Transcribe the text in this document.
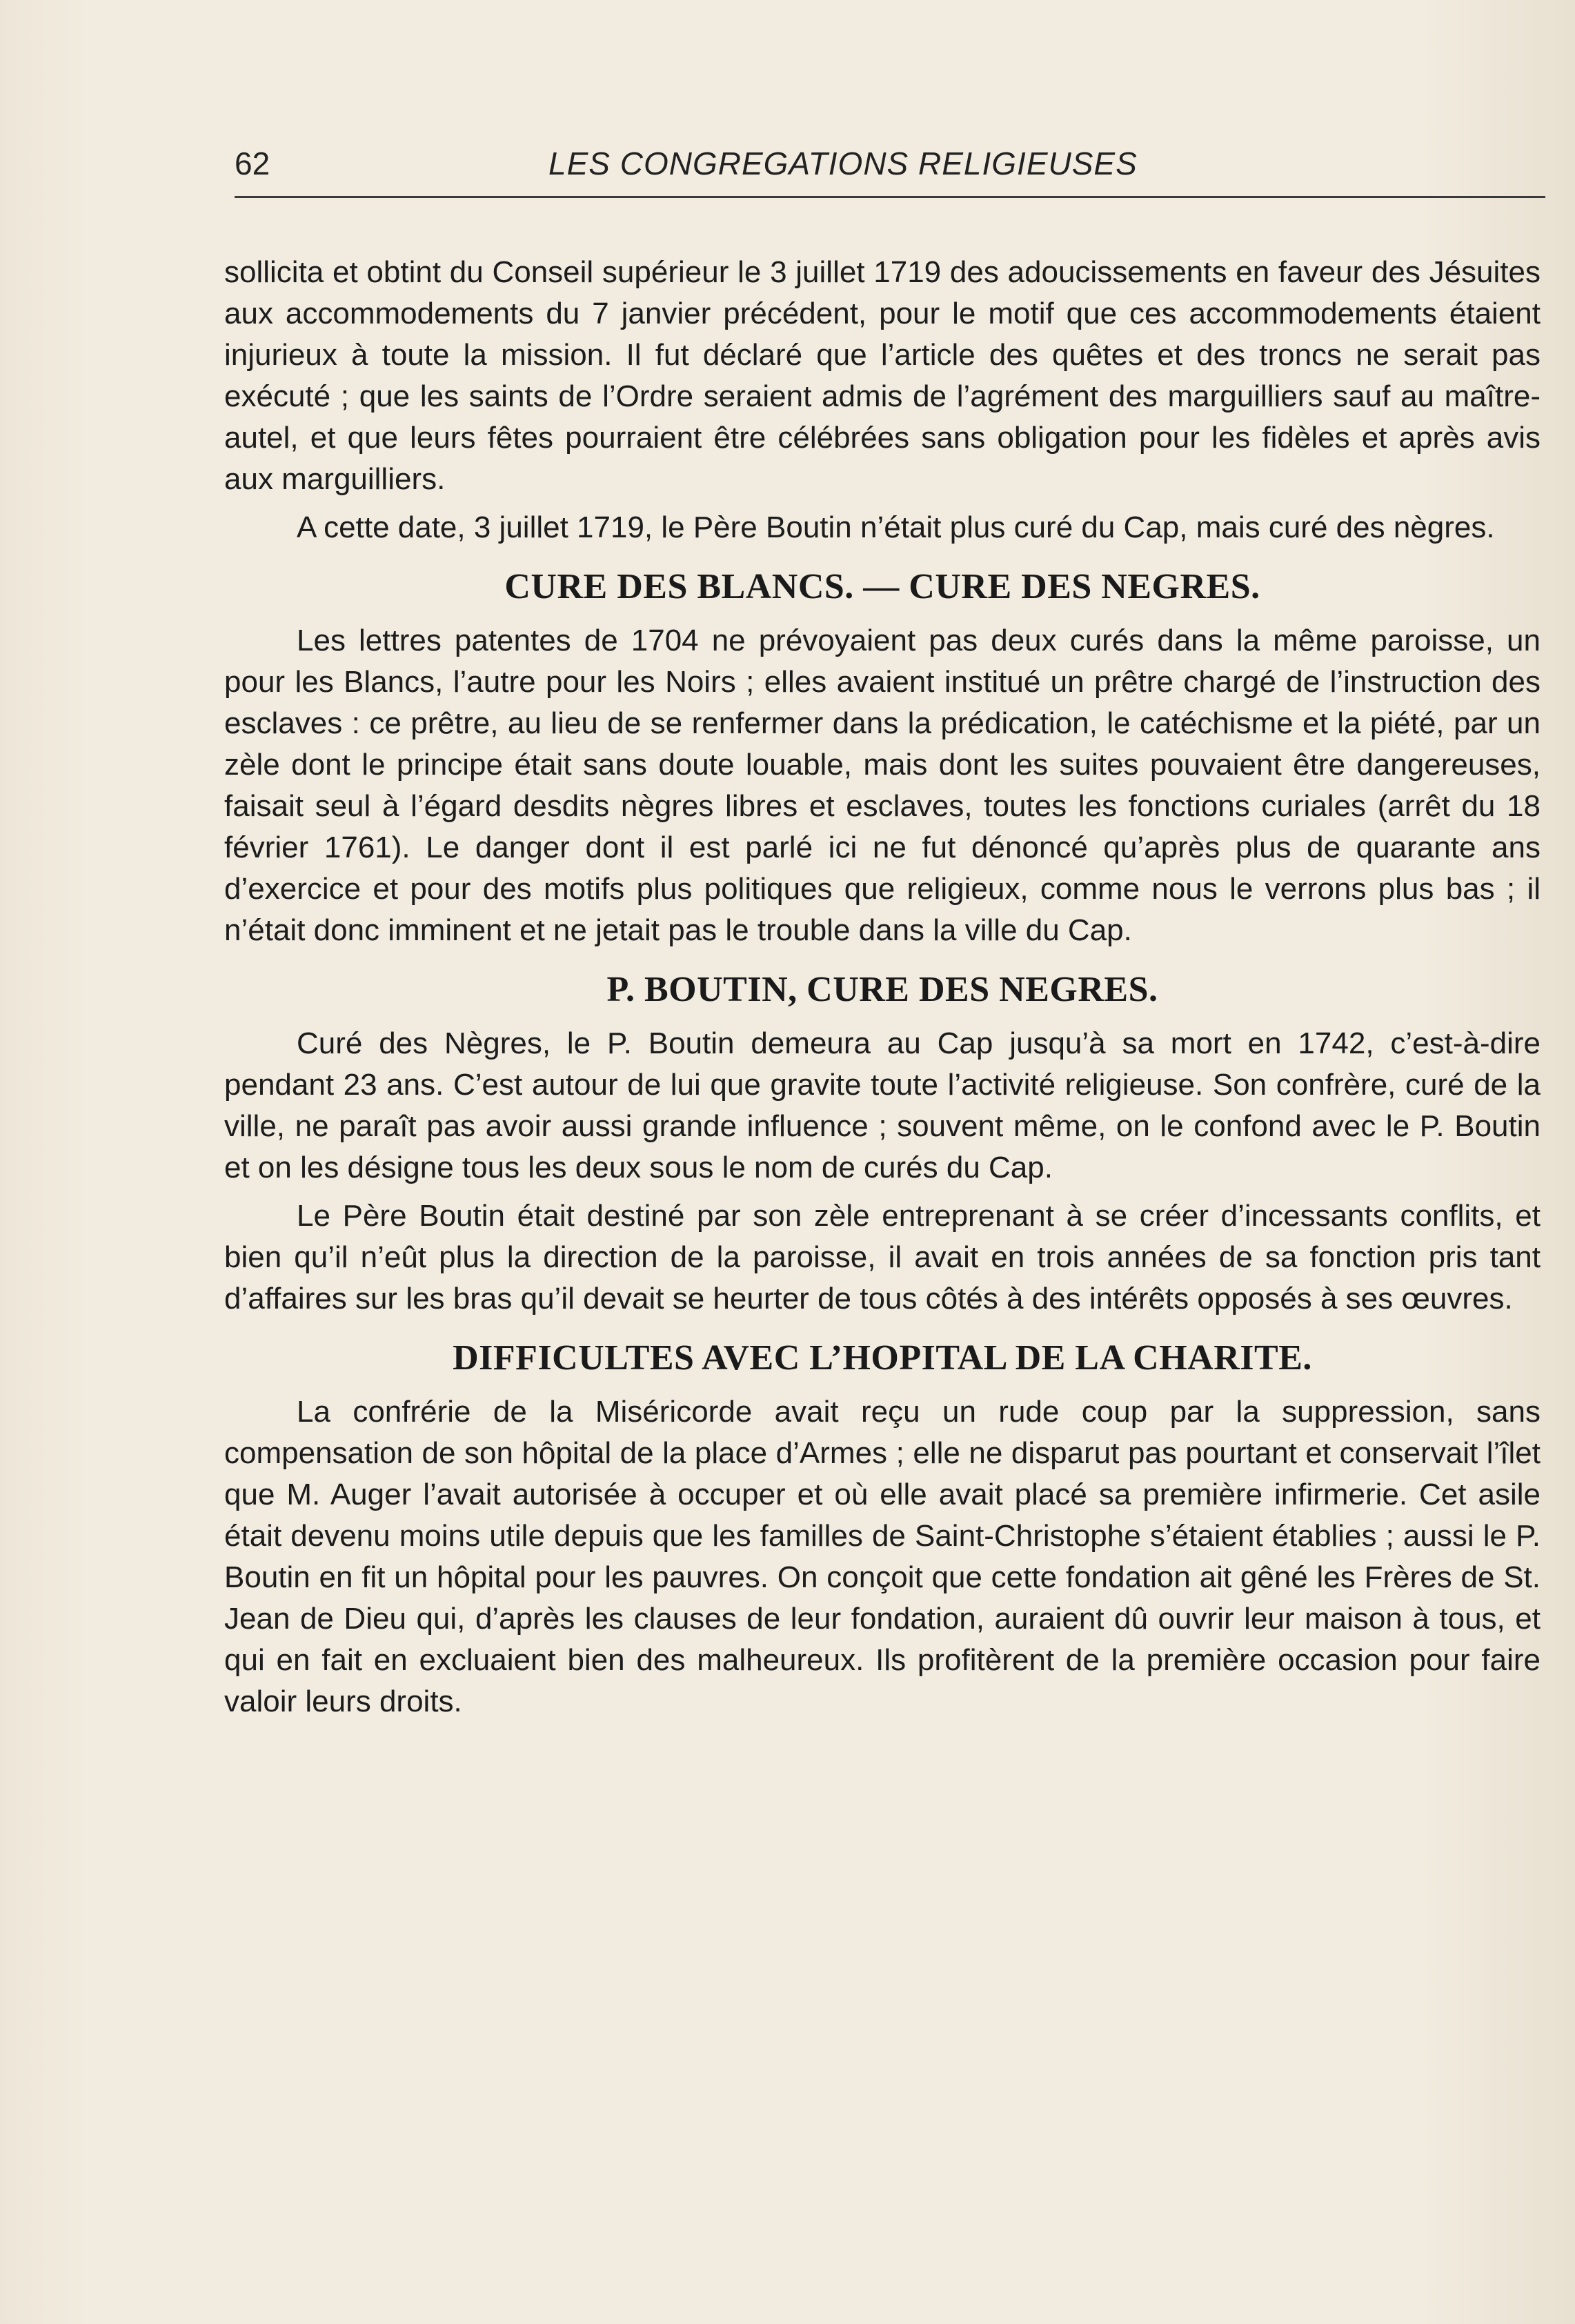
62	LES CONGREGATIONS RELIGIEUSES

sollicita et obtint du Conseil supérieur le 3 juillet 1719 des adoucissements en faveur des Jésuites aux accommodements du 7 janvier précédent, pour le motif que ces accommodements étaient injurieux à toute la mission. Il fut déclaré que l’article des quêtes et des troncs ne serait pas exécuté ; que les saints de l’Ordre seraient admis de l’agrément des marguilliers sauf au maître-autel, et que leurs fêtes pourraient être célébrées sans obligation pour les fidèles et après avis aux marguilliers.

A cette date, 3 juillet 1719, le Père Boutin n’était plus curé du Cap, mais curé des nègres.

CURE DES BLANCS. — CURE DES NEGRES.

Les lettres patentes de 1704 ne prévoyaient pas deux curés dans la même paroisse, un pour les Blancs, l’autre pour les Noirs ; elles avaient institué un prêtre chargé de l’instruction des esclaves : ce prêtre, au lieu de se renfermer dans la prédication, le catéchisme et la piété, par un zèle dont le principe était sans doute louable, mais dont les suites pouvaient être dangereuses, faisait seul à l’égard desdits nègres libres et esclaves, toutes les fonctions curiales (arrêt du 18 février 1761). Le danger dont il est parlé ici ne fut dénoncé qu’après plus de quarante ans d’exercice et pour des motifs plus politiques que religieux, comme nous le verrons plus bas ; il n’était donc imminent et ne jetait pas le trouble dans la ville du Cap.

P. BOUTIN, CURE DES NEGRES.

Curé des Nègres, le P. Boutin demeura au Cap jusqu’à sa mort en 1742, c’est-à-dire pendant 23 ans. C’est autour de lui que gravite toute l’activité religieuse. Son confrère, curé de la ville, ne paraît pas avoir aussi grande influence ; souvent même, on le confond avec le P. Boutin et on les désigne tous les deux sous le nom de curés du Cap.

Le Père Boutin était destiné par son zèle entreprenant à se créer d’incessants conflits, et bien qu’il n’eût plus la direction de la paroisse, il avait en trois années de sa fonction pris tant d’affaires sur les bras qu’il devait se heurter de tous côtés à des intérêts opposés à ses œuvres.

DIFFICULTES AVEC L’HOPITAL DE LA CHARITE.

La confrérie de la Miséricorde avait reçu un rude coup par la suppression, sans compensation de son hôpital de la place d’Armes ; elle ne disparut pas pourtant et conservait l’îlet que M. Auger l’avait autorisée à occuper et où elle avait placé sa première infirmerie. Cet asile était devenu moins utile depuis que les familles de Saint-Christophe s’étaient établies ; aussi le P. Boutin en fit un hôpital pour les pauvres. On conçoit que cette fondation ait gêné les Frères de St. Jean de Dieu qui, d’après les clauses de leur fondation, auraient dû ouvrir leur maison à tous, et qui en fait en excluaient bien des malheureux. Ils profitèrent de la première occasion pour faire valoir leurs droits.
